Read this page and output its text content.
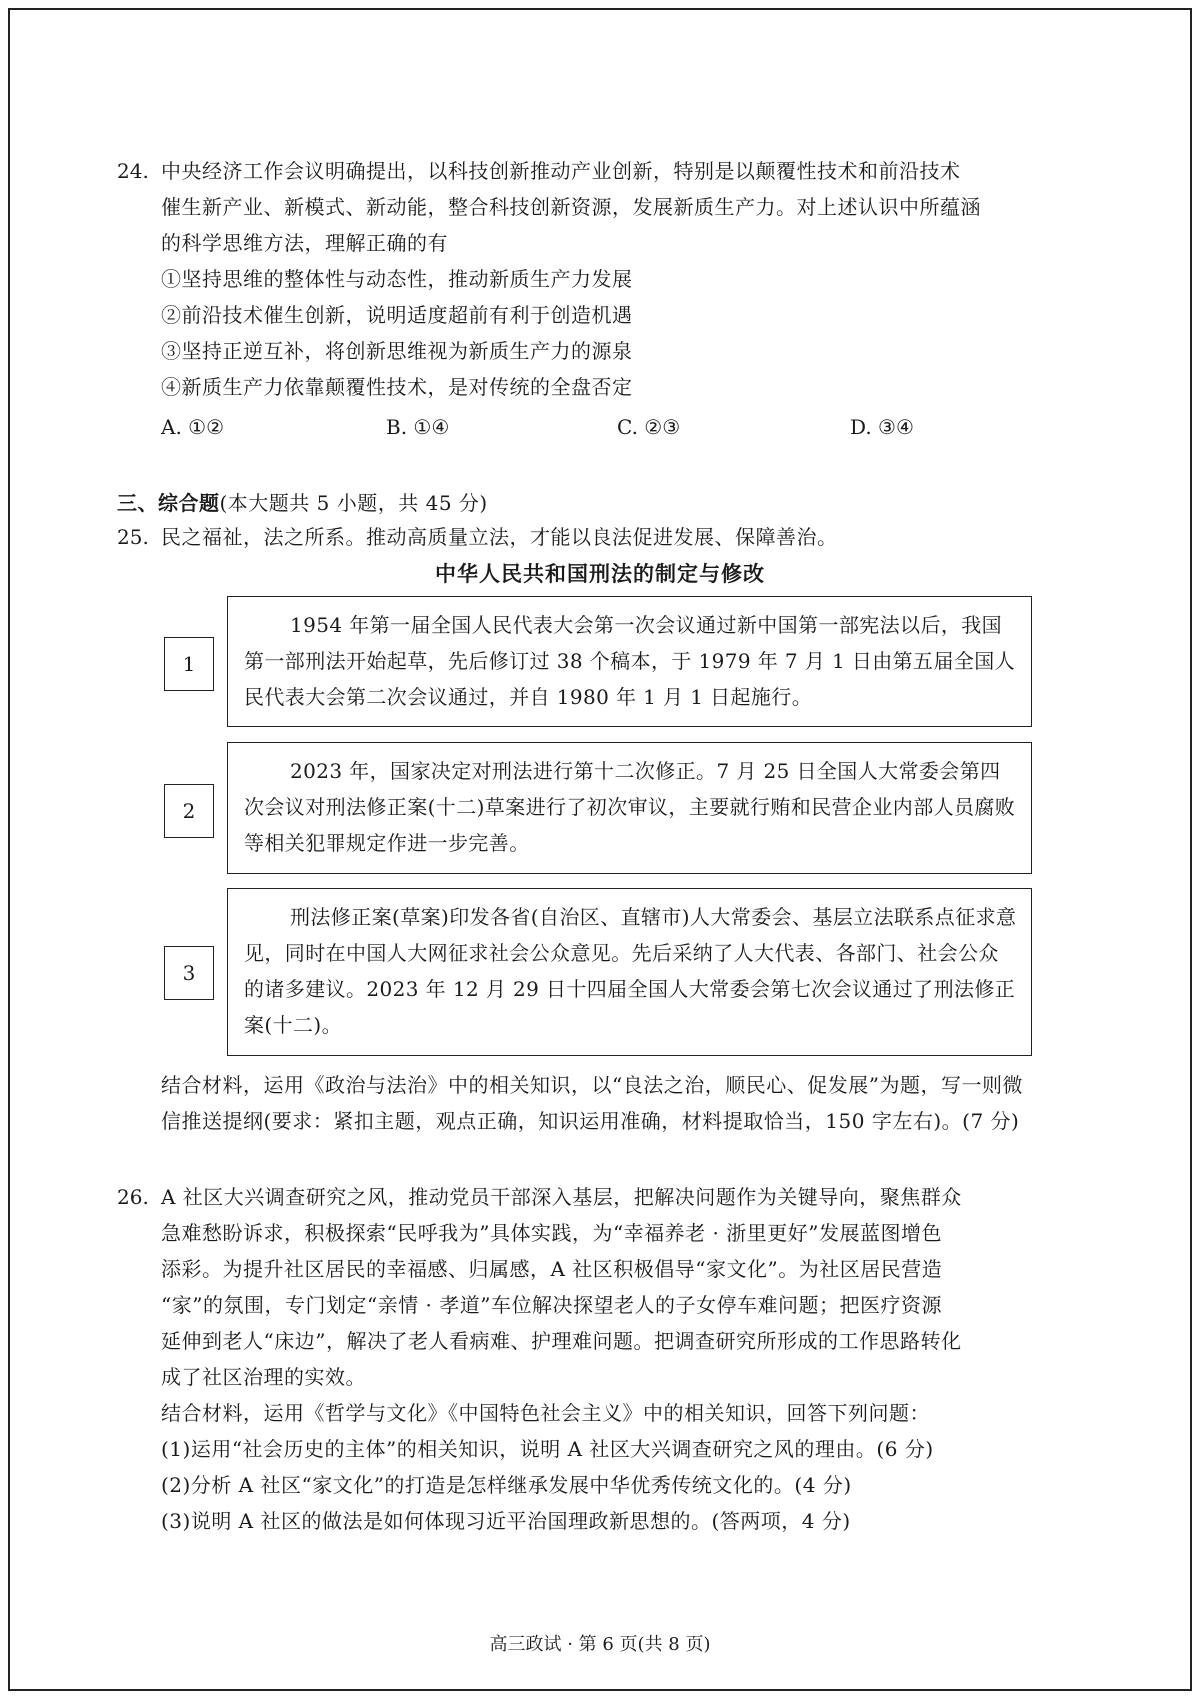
24. 中央经济工作会议明确提出，以科技创新推动产业创新，特别是以颠覆性技术和前沿技术
催生新产业、新模式、新动能，整合科技创新资源，发展新质生产力。对上述认识中所蕴涵
的科学思维方法，理解正确的有
①坚持思维的整体性与动态性，推动新质生产力发展
②前沿技术催生创新，说明适度超前有利于创造机遇
③坚持正逆互补，将创新思维视为新质生产力的源泉
④新质生产力依靠颠覆性技术，是对传统的全盘否定
A. ①②	B. ①④	C. ②③	D. ③④
三、综合题(本大题共 5 小题，共 45 分)
25. 民之福祉，法之所系。推动高质量立法，才能以良法促进发展、保障善治。
中华人民共和国刑法的制定与修改
1

1954 年第一届全国人民代表大会第一次会议通过新中国第一部宪法以后，我国第一部刑法开始起草，先后修订过 38 个稿本，于 1979 年 7 月 1 日由第五届全国人民代表大会第二次会议通过，并自 1980 年 1 月 1 日起施行。

2

2023 年，国家决定对刑法进行第十二次修正。7 月 25 日全国人大常委会第四次会议对刑法修正案(十二)草案进行了初次审议，主要就行贿和民营企业内部人员腐败等相关犯罪规定作进一步完善。

3

刑法修正案(草案)印发各省(自治区、直辖市)人大常委会、基层立法联系点征求意见，同时在中国人大网征求社会公众意见。先后采纳了人大代表、各部门、社会公众的诸多建议。2023 年 12 月 29 日十四届全国人大常委会第七次会议通过了刑法修正案(十二)。

结合材料，运用《政治与法治》中的相关知识，以“良法之治，顺民心、促发展”为题，写一则微
信推送提纲(要求：紧扣主题，观点正确，知识运用准确，材料提取恰当，150 字左右)。(7 分)
26. A 社区大兴调查研究之风，推动党员干部深入基层，把解决问题作为关键导向，聚焦群众
急难愁盼诉求，积极探索“民呼我为”具体实践，为“幸福养老 · 浙里更好”发展蓝图增色
添彩。为提升社区居民的幸福感、归属感，A 社区积极倡导“家文化”。为社区居民营造
“家”的氛围，专门划定“亲情 · 孝道”车位解决探望老人的子女停车难问题；把医疗资源
延伸到老人“床边”，解决了老人看病难、护理难问题。把调查研究所形成的工作思路转化
成了社区治理的实效。
结合材料，运用《哲学与文化》《中国特色社会主义》中的相关知识，回答下列问题：
(1)运用“社会历史的主体”的相关知识，说明 A 社区大兴调查研究之风的理由。(6 分)
(2)分析 A 社区“家文化”的打造是怎样继承发展中华优秀传统文化的。(4 分)
(3)说明 A 社区的做法是如何体现习近平治国理政新思想的。(答两项，4 分)
高三政试 · 第 6 页(共 8 页)
